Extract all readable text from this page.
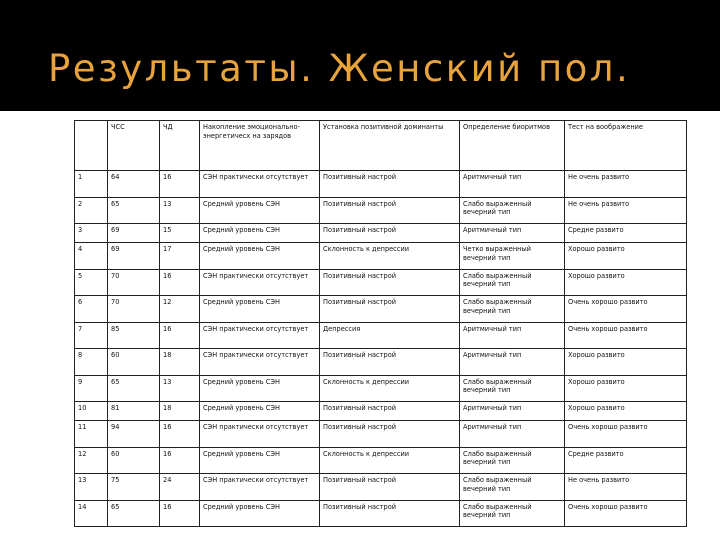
Результаты. Женский пол.
	ЧСС	ЧД	Накопление эмоционально-энергетичесх на зарядов	Установка позитивной доминанты	Определение биоритмов	Тест на воображение
1	64	16	СЭН практически отсутствует	Позитивный настрой	Аритмичный тип	Не очень развито
2	65	13	Средний уровень СЭН	Позитивный настрой	Слабо выраженный вечерний тип	Не очень развито
3	69	15	Средний уровень СЭН	Позитивный настрой	Аритмичный тип	Средне развито
4	69	17	Средний уровень СЭН	Склонность к депрессии	Четко выраженный вечерний тип	Хорошо развито
5	70	16	СЭН практически отсутствует	Позитивный настрой	Слабо выраженный вечерний тип	Хорошо развито
6	70	12	Средний уровень СЭН	Позитивный настрой	Слабо выраженный вечерний тип	Очень хорошо развито
7	85	16	СЭН практически отсутствует	Депрессия	Аритмичный тип	Очень хорошо развито
8	60	18	СЭН практически отсутствует	Позитивный настрой	Аритмичный тип	Хорошо развито
9	65	13	Средний уровень СЭН	Склонность к депрессии	Слабо выраженный вечерний тип	Хорошо развито
10	81	18	Средний уровень СЭН	Позитивный настрой	Аритмичный тип	Хорошо развито
11	94	16	СЭН практически отсутствует	Позитивный настрой	Аритмичный тип	Очень хорошо развито
12	60	16	Средний уровень СЭН	Склонность к депрессии	Слабо выраженный вечерний тип	Средне развито
13	75	24	СЭН практически отсутствует	Позитивный настрой	Слабо выраженный вечерний тип	Не очень развито
14	65	16	Средний уровень СЭН	Позитивный настрой	Слабо выраженный вечерний тип	Очень хорошо развито
